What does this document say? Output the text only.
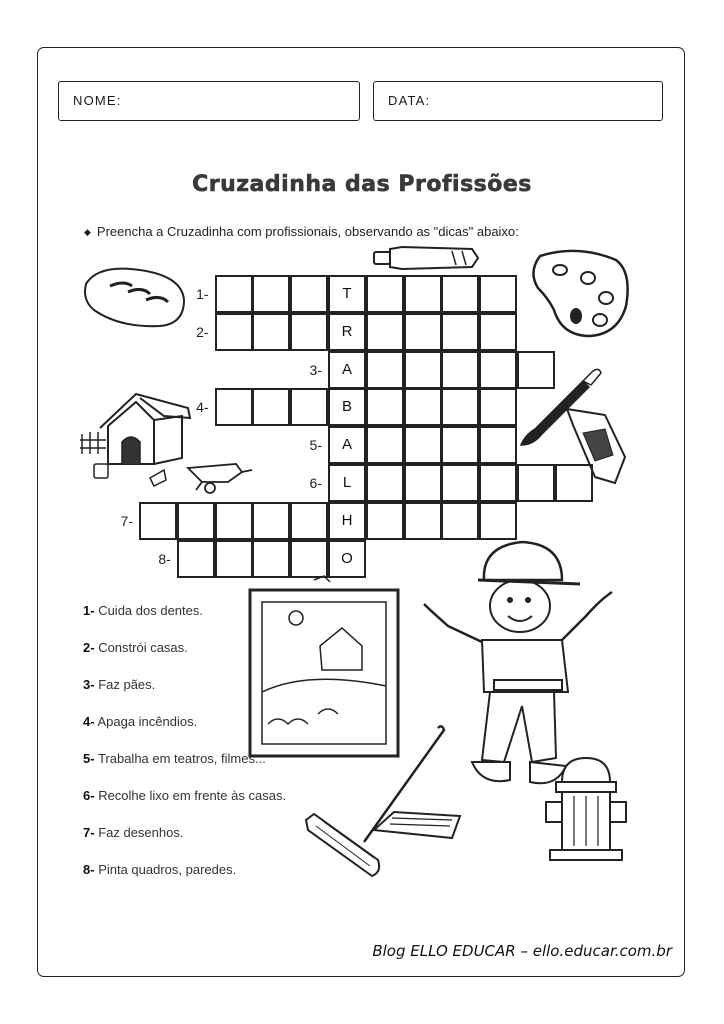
NOME:	DATA:
Cruzadinha das Profissões
◆ Preencha a Cruzadinha com profissionais, observando as "dicas" abaixo:
T
1-
R
2-
A
3-
B
4-
A
5-
L
6-
H
7-
O
8-
1- Cuida dos dentes.
2- Constrói casas.
3- Faz pães.
4- Apaga incêndios.
5- Trabalha em teatros, filmes...
6- Recolhe lixo em frente às casas.
7- Faz desenhos.
8- Pinta quadros, paredes.
Blog ELLO EDUCAR – ello.educar.com.br
